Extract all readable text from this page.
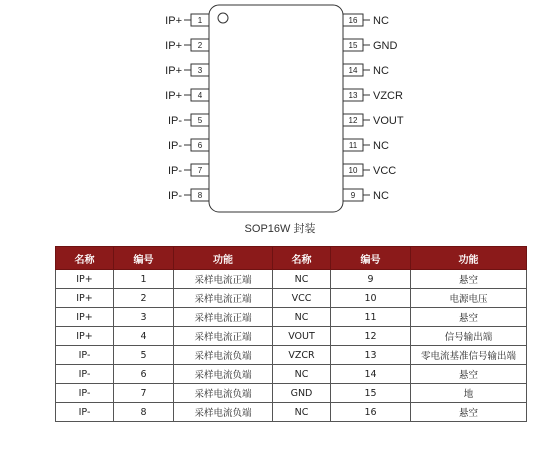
1
IP+
2
IP+
3
IP+
4
IP+
5
IP-
6
IP-
7
IP-
8
IP-
16 NC
15 GND
14 NC
13 VZCR
12 VOUT
11 NC
10 VCC
9 NC
SOP16W 封装
名称	编号	功能	名称	编号	功能
IP+	1	采样电流正端	NC	9	悬空
IP+	2	采样电流正端	VCC	10	电源电压
IP+	3	采样电流正端	NC	11	悬空
IP+	4	采样电流正端	VOUT	12	信号输出端
IP-	5	采样电流负端	VZCR	13	零电流基准信号输出端
IP-	6	采样电流负端	NC	14	悬空
IP-	7	采样电流负端	GND	15	地
IP-	8	采样电流负端	NC	16	悬空
